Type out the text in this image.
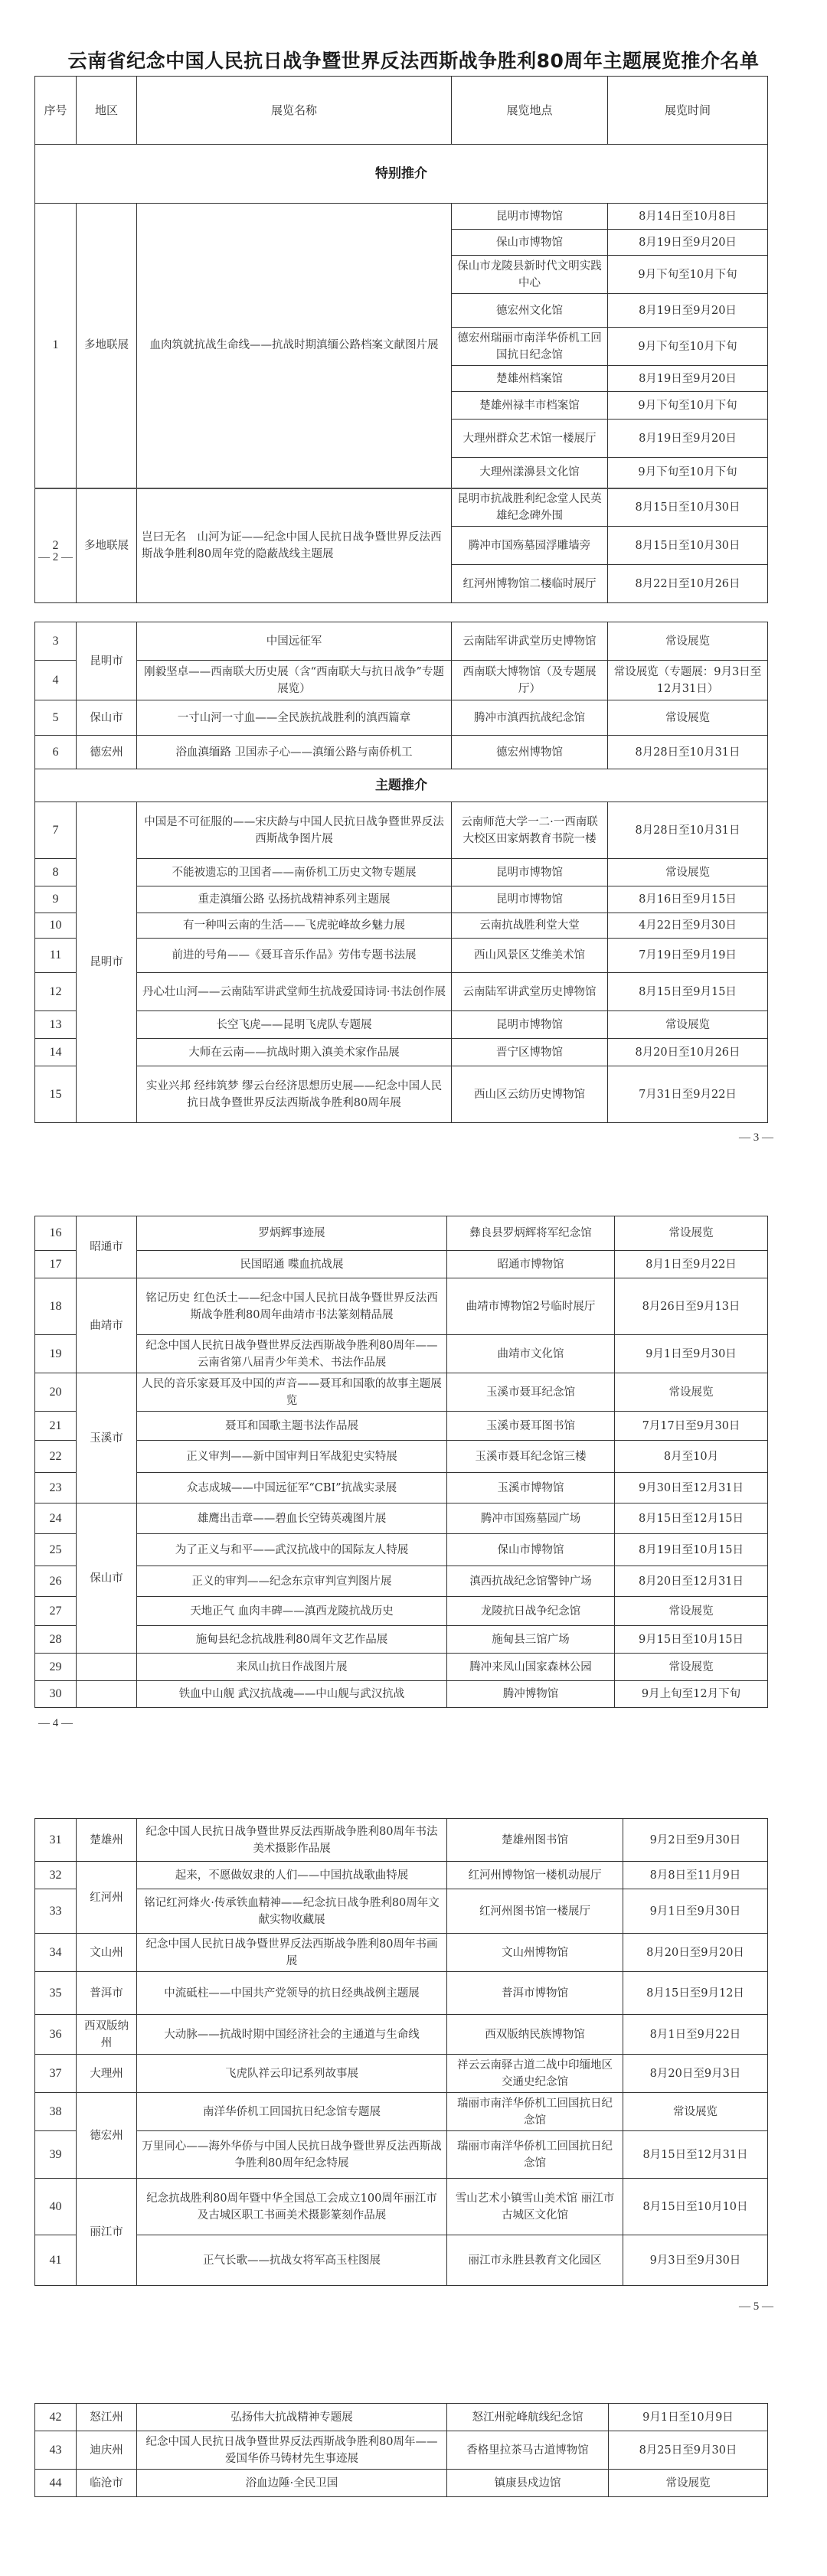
云南省纪念中国人民抗日战争暨世界反法西斯战争胜利80周年主题展览推介名单
序号	地区	展览名称	展览地点	展览时间
特别推介				
1	多地联展	血肉筑就抗战生命线——抗战时期滇缅公路档案文献图片展	昆明市博物馆	8月14日至10月8日
			保山市博物馆	8月19日至9月20日
			保山市龙陵县新时代文明实践中心	9月下旬至10月下旬
			德宏州文化馆	8月19日至9月20日
			德宏州瑞丽市南洋华侨机工回国抗日纪念馆	9月下旬至10月下旬
			楚雄州档案馆	8月19日至9月20日
			楚雄州禄丰市档案馆	9月下旬至10月下旬
			大理州群众艺术馆一楼展厅	8月19日至9月20日
			大理州漾濞县文化馆	9月下旬至10月下旬
2	多地联展	岂曰无名　山河为证——纪念中国人民抗日战争暨世界反法西斯战争胜利80周年党的隐蔽战线主题展	昆明市抗战胜利纪念堂人民英雄纪念碑外围	8月15日至10月30日
			腾冲市国殇墓园浮雕墙旁	8月15日至10月30日
			红河州博物馆二楼临时展厅	8月22日至10月26日
— 2 —
3	昆明市	中国远征军	云南陆军讲武堂历史博物馆	常设展览
4		刚毅坚卓——西南联大历史展（含“西南联大与抗日战争”专题展览）	西南联大博物馆（及专题展厅）	常设展览（专题展：9月3日至12月31日）
5	保山市	一寸山河一寸血——全民族抗战胜利的滇西篇章	腾冲市滇西抗战纪念馆	常设展览
6	德宏州	浴血滇缅路 卫国赤子心——滇缅公路与南侨机工	德宏州博物馆	8月28日至10月31日
主题推介				
7	昆明市	中国是不可征服的——宋庆龄与中国人民抗日战争暨世界反法西斯战争图片展	云南师范大学一二·一西南联大校区田家炳教育书院一楼	8月28日至10月31日
8		不能被遗忘的卫国者——南侨机工历史文物专题展	昆明市博物馆	常设展览
9		重走滇缅公路 弘扬抗战精神系列主题展	昆明市博物馆	8月16日至9月15日
10		有一种叫云南的生活——飞虎驼峰故乡魅力展	云南抗战胜利堂大堂	4月22日至9月30日
11		前进的号角——《聂耳音乐作品》劳伟专题书法展	西山风景区艾维美术馆	7月19日至9月19日
12		丹心壮山河——云南陆军讲武堂师生抗战爱国诗词·书法创作展	云南陆军讲武堂历史博物馆	8月15日至9月15日
13		长空飞虎——昆明飞虎队专题展	昆明市博物馆	常设展览
14		大师在云南——抗战时期入滇美术家作品展	晋宁区博物馆	8月20日至10月26日
15		实业兴邦 经纬筑梦 缪云台经济思想历史展——纪念中国人民抗日战争暨世界反法西斯战争胜利80周年展	西山区云纺历史博物馆	7月31日至9月22日
— 3 —
16	昭通市	罗炳辉事迹展	彝良县罗炳辉将军纪念馆	常设展览
17		民国昭通 喋血抗战展	昭通市博物馆	8月1日至9月22日
18	曲靖市	铭记历史 红色沃土——纪念中国人民抗日战争暨世界反法西斯战争胜利80周年曲靖市书法篆刻精品展	曲靖市博物馆2号临时展厅	8月26日至9月13日
19		纪念中国人民抗日战争暨世界反法西斯战争胜利80周年——云南省第八届青少年美术、书法作品展	曲靖市文化馆	9月1日至9月30日
20	玉溪市	人民的音乐家聂耳及中国的声音——聂耳和国歌的故事主题展览	玉溪市聂耳纪念馆	常设展览
21		聂耳和国歌主题书法作品展	玉溪市聂耳图书馆	7月17日至9月30日
22		正义审判——新中国审判日军战犯史实特展	玉溪市聂耳纪念馆三楼	8月至10月
23		众志成城——中国远征军“CBI”抗战实录展	玉溪市博物馆	9月30日至12月31日
24	保山市	雄鹰出击章——碧血长空铸英魂图片展	腾冲市国殇墓园广场	8月15日至12月15日
25		为了正义与和平——武汉抗战中的国际友人特展	保山市博物馆	8月19日至10月15日
26		正义的审判——纪念东京审判宣判图片展	滇西抗战纪念馆警钟广场	8月20日至12月31日
27		天地正气 血肉丰碑——滇西龙陵抗战历史	龙陵抗日战争纪念馆	常设展览
28		施甸县纪念抗战胜利80周年文艺作品展	施甸县三馆广场	9月15日至10月15日
29		来凤山抗日作战图片展	腾冲来凤山国家森林公园	常设展览
30		铁血中山舰 武汉抗战魂——中山舰与武汉抗战	腾冲博物馆	9月上旬至12月下旬
— 4 —
31	楚雄州	纪念中国人民抗日战争暨世界反法西斯战争胜利80周年书法美术摄影作品展	楚雄州图书馆	9月2日至9月30日
32	红河州	起来，不愿做奴隶的人们——中国抗战歌曲特展	红河州博物馆一楼机动展厅	8月8日至11月9日
33		铭记红河烽火·传承铁血精神——纪念抗日战争胜利80周年文献实物收藏展	红河州图书馆一楼展厅	9月1日至9月30日
34	文山州	纪念中国人民抗日战争暨世界反法西斯战争胜利80周年书画展	文山州博物馆	8月20日至9月20日
35	普洱市	中流砥柱——中国共产党领导的抗日经典战例主题展	普洱市博物馆	8月15日至9月12日
36	西双版纳州	大动脉——抗战时期中国经济社会的主通道与生命线	西双版纳民族博物馆	8月1日至9月22日
37	大理州	飞虎队祥云印记系列故事展	祥云云南驿古道二战中印缅地区交通史纪念馆	8月20日至9月3日
38	德宏州	南洋华侨机工回国抗日纪念馆专题展	瑞丽市南洋华侨机工回国抗日纪念馆	常设展览
39		万里同心——海外华侨与中国人民抗日战争暨世界反法西斯战争胜利80周年纪念特展	瑞丽市南洋华侨机工回国抗日纪念馆	8月15日至12月31日
40	丽江市	纪念抗战胜利80周年暨中华全国总工会成立100周年丽江市及古城区职工书画美术摄影篆刻作品展	雪山艺术小镇雪山美术馆 丽江市古城区文化馆	8月15日至10月10日
41		正气长歌——抗战女将军高玉柱图展	丽江市永胜县教育文化园区	9月3日至9月30日
— 5 —
42	怒江州	弘扬伟大抗战精神专题展	怒江州驼峰航线纪念馆	9月1日至10月9日
43	迪庆州	纪念中国人民抗日战争暨世界反法西斯战争胜利80周年——爱国华侨马铸材先生事迹展	香格里拉茶马古道博物馆	8月25日至9月30日
44	临沧市	浴血边陲·全民卫国	镇康县戍边馆	常设展览
